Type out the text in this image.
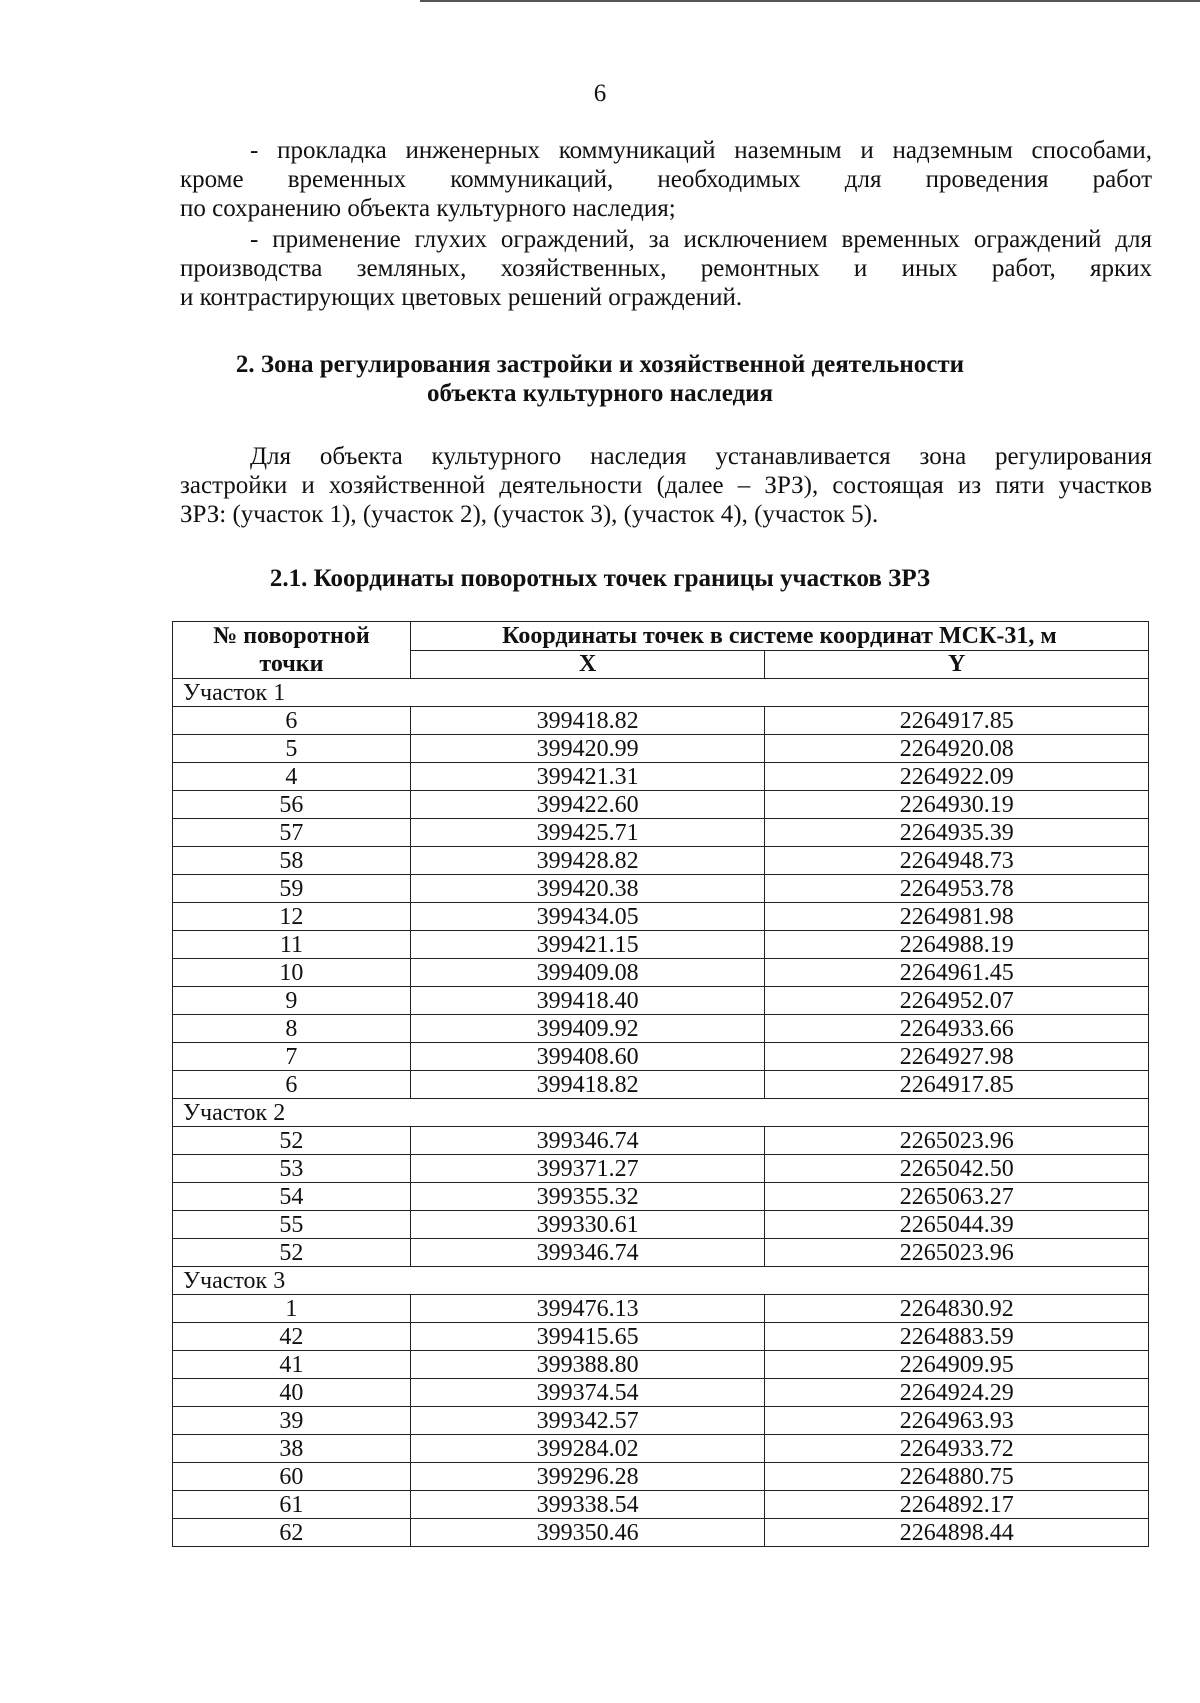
6

- прокладка инженерных коммуникаций наземным и надземным способами,
кроме временных коммуникаций, необходимых для проведения работ
по сохранению объекта культурного наследия;

- применение глухих ограждений, за исключением временных ограждений для
производства земляных, хозяйственных, ремонтных и иных работ, ярких
и контрастирующих цветовых решений ограждений.

2. Зона регулирования застройки и хозяйственной деятельности
объекта культурного наследия

Для объекта культурного наследия устанавливается зона регулирования
застройки и хозяйственной деятельности (далее – ЗРЗ), состоящая из пяти участков
ЗРЗ: (участок 1), (участок 2), (участок 3), (участок 4), (участок 5).

2.1. Координаты поворотных точек границы участков ЗРЗ
№ поворотной
точки	Координаты точек в системе координат МСК-31, м	
	X	Y
Участок 1		
6	399418.82	2264917.85
5	399420.99	2264920.08
4	399421.31	2264922.09
56	399422.60	2264930.19
57	399425.71	2264935.39
58	399428.82	2264948.73
59	399420.38	2264953.78
12	399434.05	2264981.98
11	399421.15	2264988.19
10	399409.08	2264961.45
9	399418.40	2264952.07
8	399409.92	2264933.66
7	399408.60	2264927.98
6	399418.82	2264917.85
Участок 2		
52	399346.74	2265023.96
53	399371.27	2265042.50
54	399355.32	2265063.27
55	399330.61	2265044.39
52	399346.74	2265023.96
Участок 3		
1	399476.13	2264830.92
42	399415.65	2264883.59
41	399388.80	2264909.95
40	399374.54	2264924.29
39	399342.57	2264963.93
38	399284.02	2264933.72
60	399296.28	2264880.75
61	399338.54	2264892.17
62	399350.46	2264898.44
